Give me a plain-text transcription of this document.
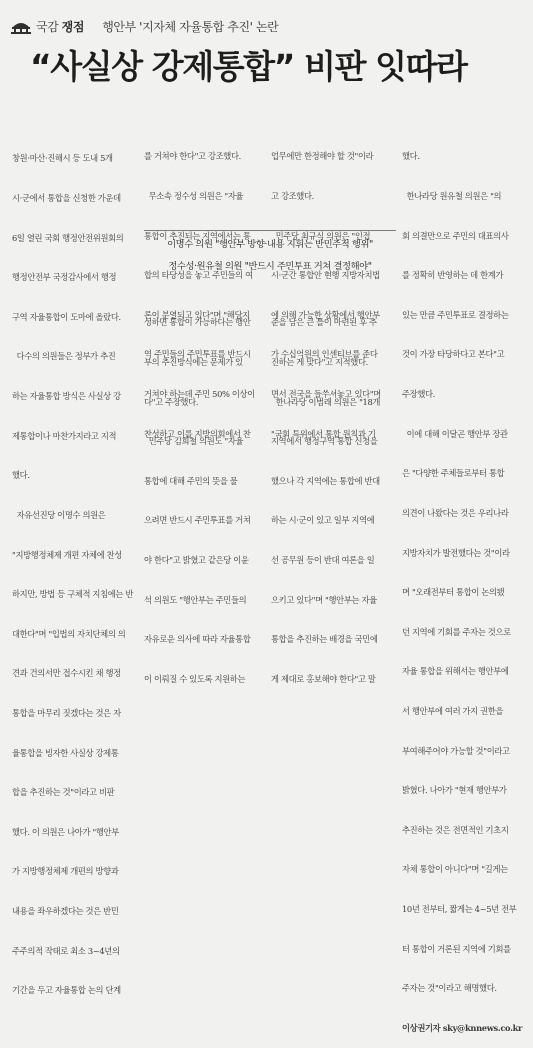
국감 쟁점 행안부 '지자체 자율통합 추진' 논란
“사실상 강제통합” 비판 잇따라

창원·마산·진해시 등 도내 5개

시·군에서 통합을 신청한 가운데

6일 열린 국회 행정안전위원회의

행정안전부 국정감사에서 행정

구역 자율통합이 도마에 올랐다.

다수의 의원들은 정부가 추진

하는 자율통합 방식은 사실상 강

제통합이나 마찬가지라고 지적

했다.

자유선진당 이명수 의원은

"지방행정체제 개편 자체에 찬성

하지만, 방법 등 구체적 지침에는 반

대한다"며 "입법의 자치단체의 의

견과 건의서만 접수시킨 채 행정

통합을 마무리 짓겠다는 것은 자

율통합을 빙자한 사실상 강제통

합을 추진하는 것"이라고 비판

했다. 이 의원은 나아가 "행안부

가 지방행정체제 개편의 방향과

내용을 좌우하겠다는 것은 반민

주주의적 작태로 최소 3~4년의

기간을 두고 자율통합 논의 단계

를 거쳐야 한다"고 강조했다.

무소속 정수성 의원은 "자율

통합이 추진되는 지역에서는 통

합의 타당성을 놓고 주민들의 여

론이 분열되고 있다"며 "해당지

역 주민들의 주민투표를 반드시

거쳐야 하는데 주민 50% 이상이

찬성하고 이를 지방의회에서 찬

업무에만 한정해야 할 것"이라

고 강조했다.

민주당 최규식 의원은 "인접

시·군간 통합안 현행 지방자치법

에 의해 가능한 상황에서 행안부

가 수십억원의 인센티브를 준다

면서 전국을 들쑤셔놓고 있다"며

"국회 특위에서 통합 원칙과 기

이명수 의원 "행안부 방향·내용 지휘는 반민주적 행위"
정수성·원유철 의원 "반드시 주민투표 거쳐 결정해야"

성하면 통합이 가능하다는 행안

부의 추진방식에는 문제가 있

다"고 주장했다.

민주당 김희철 의원도 "자율

통합에 대해 주민의 뜻을 물

으려면 반드시 주민투표를 거쳐

야 한다"고 밝혔고 같은당 이윤

석 의원도 "행안부는 주민들의

자유로운 의사에 따라 자율통합

이 이뤄질 수 있도록 지원하는

준을 담은 큰 틀이 마련된 후 추

진하는 게 맞다"고 지적했다.

한나라당 이범래 의원은 "18개

지역에서 행정구역 통합 신청을

했으나 각 지역에는 통합에 반대

하는 시·군이 있고 일부 지역에

선 공무원 등이 반대 여론을 일

으키고 있다"며 "행안부는 자율

통합을 추진하는 배경을 국민에

게 제대로 홍보해야 한다"고 말

했다.

한나라당 원유철 의원은 "의

회 의결만으로 주민의 대표의사

를 정확히 반영하는 데 한계가

있는 만큼 주민투표로 결정하는

것이 가장 타당하다고 본다"고

주장했다.

이에 대해 이달곤 행안부 장관

은 "다양한 주체들로부터 통합

의견이 나왔다는 것은 우리나라

지방자치가 발전했다는 것"이라

며 "오래전부터 통합이 논의됐

던 지역에 기회를 주자는 것으로

자율 통합을 위해서는 행안부에

서 행안부에 여러 가지 권한을

부여해주어야 가능할 것"이라고

밝혔다. 나아가 "현재 행안부가

추진하는 것은 전면적인 기초지

자체 통합이 아니다"며 "길게는

10년 전부터, 짧게는 4~5년 전부

터 통합이 거론된 지역에 기회를

주자는 것"이라고 해명했다.

이상권기자 sky@knnews.co.kr
